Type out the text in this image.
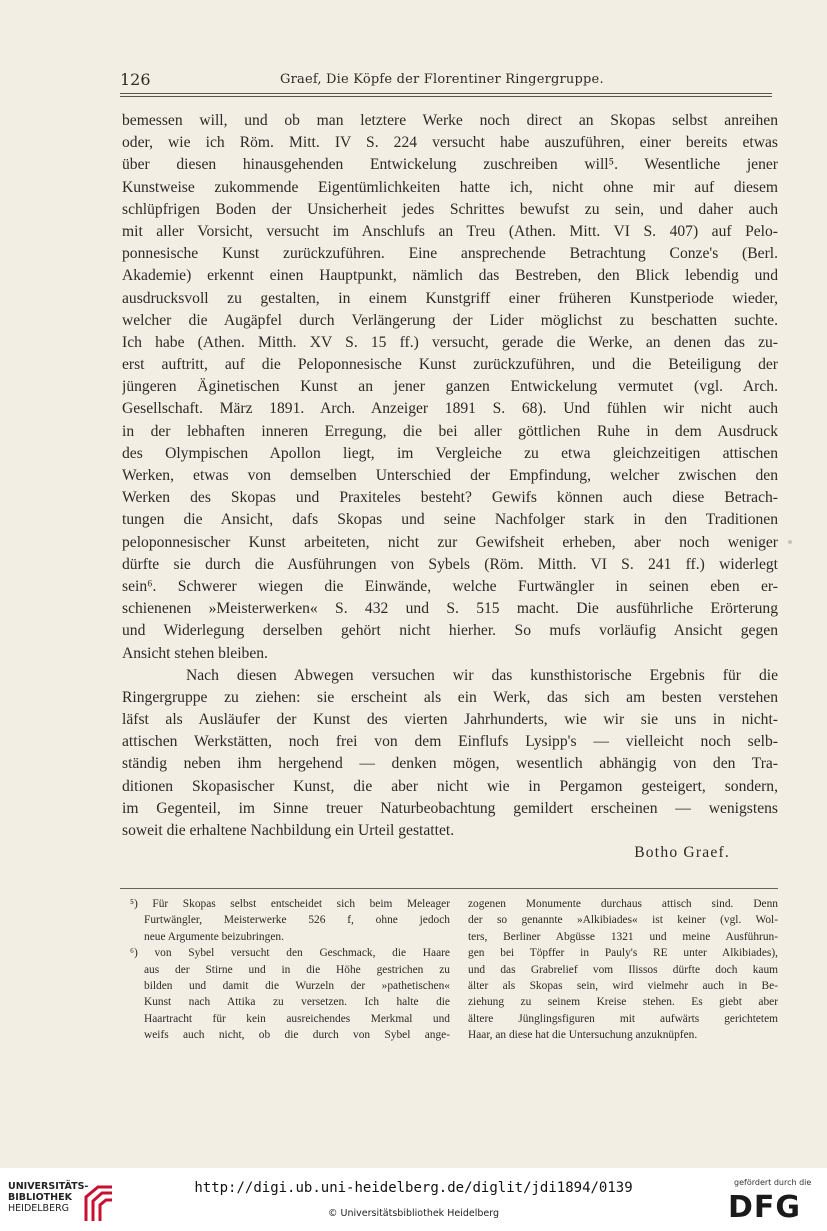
126	Graef, Die Köpfe der Florentiner Ringergruppe.
bemessen will, und ob man letztere Werke noch direct an Skopas selbst anreihen
oder, wie ich Röm. Mitt. IV S. 224 versucht habe auszuführen, einer bereits etwas
über diesen hinausgehenden Entwickelung zuschreiben will⁵. Wesentliche jener
Kunstweise zukommende Eigentümlichkeiten hatte ich, nicht ohne mir auf diesem
schlüpfrigen Boden der Unsicherheit jedes Schrittes bewufst zu sein, und daher auch
mit aller Vorsicht, versucht im Anschlufs an Treu (Athen. Mitt. VI S. 407) auf Pelo-
ponnesische Kunst zurückzuführen. Eine ansprechende Betrachtung Conze's (Berl.
Akademie) erkennt einen Hauptpunkt, nämlich das Bestreben, den Blick lebendig und
ausdrucksvoll zu gestalten, in einem Kunstgriff einer früheren Kunstperiode wieder,
welcher die Augäpfel durch Verlängerung der Lider möglichst zu beschatten suchte.
Ich habe (Athen. Mitth. XV S. 15 ff.) versucht, gerade die Werke, an denen das zu-
erst auftritt, auf die Peloponnesische Kunst zurückzuführen, und die Beteiligung der
jüngeren Äginetischen Kunst an jener ganzen Entwickelung vermutet (vgl. Arch.
Gesellschaft. März 1891. Arch. Anzeiger 1891 S. 68). Und fühlen wir nicht auch
in der lebhaften inneren Erregung, die bei aller göttlichen Ruhe in dem Ausdruck
des Olympischen Apollon liegt, im Vergleiche zu etwa gleichzeitigen attischen
Werken, etwas von demselben Unterschied der Empfindung, welcher zwischen den
Werken des Skopas und Praxiteles besteht? Gewifs können auch diese Betrach-
tungen die Ansicht, dafs Skopas und seine Nachfolger stark in den Traditionen
peloponnesischer Kunst arbeiteten, nicht zur Gewifsheit erheben, aber noch weniger
dürfte sie durch die Ausführungen von Sybels (Röm. Mitth. VI S. 241 ff.) widerlegt
sein⁶. Schwerer wiegen die Einwände, welche Furtwängler in seinen eben er-
schienenen »Meisterwerken« S. 432 und S. 515 macht. Die ausführliche Erörterung
und Widerlegung derselben gehört nicht hierher. So mufs vorläufig Ansicht gegen
Ansicht stehen bleiben.
Nach diesen Abwegen versuchen wir das kunsthistorische Ergebnis für die
Ringergruppe zu ziehen: sie erscheint als ein Werk, das sich am besten verstehen
läfst als Ausläufer der Kunst des vierten Jahrhunderts, wie wir sie uns in nicht-
attischen Werkstätten, noch frei von dem Einflufs Lysipp's — vielleicht noch selb-
ständig neben ihm hergehend — denken mögen, wesentlich abhängig von den Tra-
ditionen Skopasischer Kunst, die aber nicht wie in Pergamon gesteigert, sondern,
im Gegenteil, im Sinne treuer Naturbeobachtung gemildert erscheinen — wenigstens
soweit die erhaltene Nachbildung ein Urteil gestattet.
Botho Graef.
⁵) Für Skopas selbst entscheidet sich beim Meleager
Furtwängler, Meisterwerke 526 f, ohne jedoch
neue Argumente beizubringen.
⁶) von Sybel versucht den Geschmack, die Haare
aus der Stirne und in die Höhe gestrichen zu
bilden und damit die Wurzeln der »pathetischen«
Kunst nach Attika zu versetzen. Ich halte die
Haartracht für kein ausreichendes Merkmal und
weifs auch nicht, ob die durch von Sybel ange-
zogenen Monumente durchaus attisch sind. Denn
der so genannte »Alkibiades« ist keiner (vgl. Wol-
ters, Berliner Abgüsse 1321 und meine Ausführun-
gen bei Töpffer in Pauly's RE unter Alkibiades),
und das Grabrelief vom Ilissos dürfte doch kaum
älter als Skopas sein, wird vielmehr auch in Be-
ziehung zu seinem Kreise stehen. Es giebt aber
ältere Jünglingsfiguren mit aufwärts gerichtetem
Haar, an diese hat die Untersuchung anzuknüpfen.
UNIVERSITÄTS-
BIBLIOTHEK
HEIDELBERG
http://digi.ub.uni-heidelberg.de/diglit/jdi1894/0139
© Universitätsbibliothek Heidelberg
gefördert durch die
DFG
